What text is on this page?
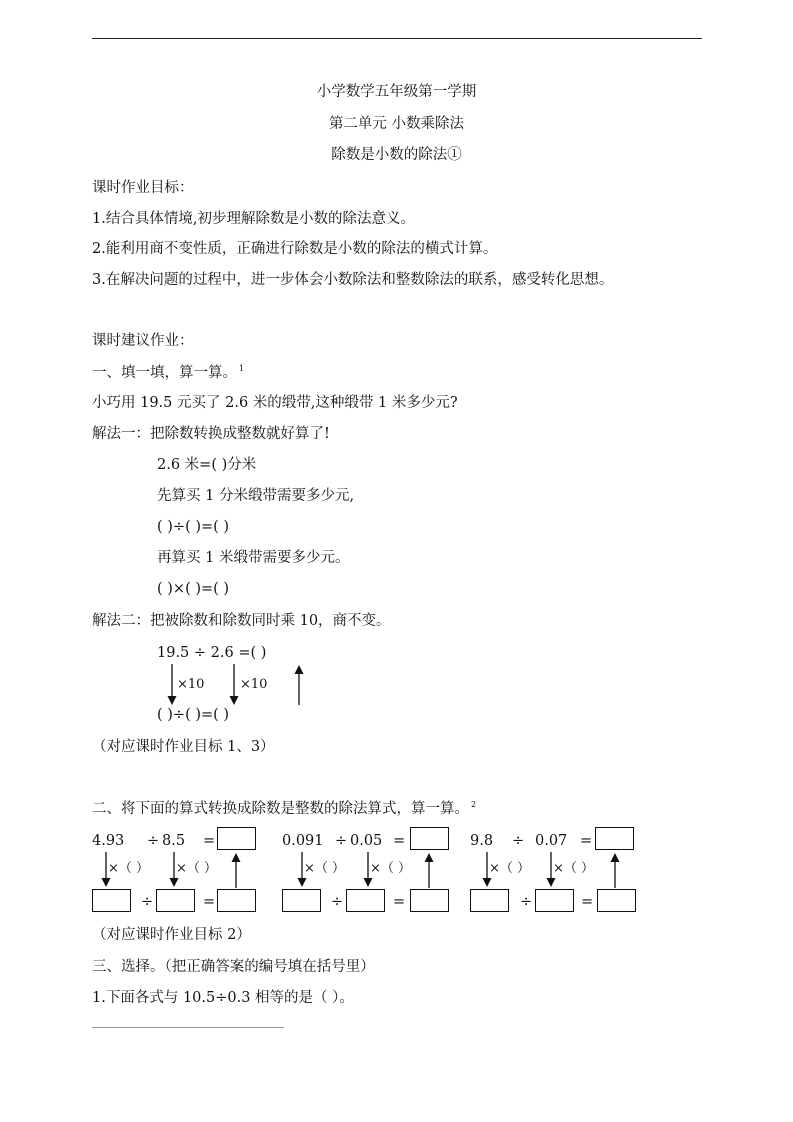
小学数学五年级第一学期
第二单元 小数乘除法
除数是小数的除法①
课时作业目标：
1.结合具体情境,初步理解除数是小数的除法意义。
2.能利用商不变性质，正确进行除数是小数的除法的横式计算。
3.在解决问题的过程中，进一步体会小数除法和整数除法的联系，感受转化思想。
课时建议作业：
一、填一填，算一算。 $^1$
小巧用 19.5 元买了 2.6 米的缎带,这种缎带 1 米多少元?
解法一：把除数转换成整数就好算了!
2.6 米=( )分米
先算买 1 分米缎带需要多少元,
( )÷( )=( )
再算买 1 米缎带需要多少元。
( )×( )=( )
解法二：把被除数和除数同时乘 10，商不变。
19.5 ÷ 2.6 =( )
×10	×10
( )÷( )=( )
（对应课时作业目标 1、3）
二、将下面的算式转换成除数是整数的除法算式，算一算。 $^2$
4.93 ÷ 8.5 =
×（ ） ×（ ）
÷	=
0.091 ÷ 0.05 =
×（ ） ×（ ）
÷	=
9.8 ÷ 0.07 =
×（ ） ×（ ）
÷	=
（对应课时作业目标 2）
三、选择。（把正确答案的编号填在括号里）
1.下面各式与 10.5÷0.3 相等的是（ ）。
